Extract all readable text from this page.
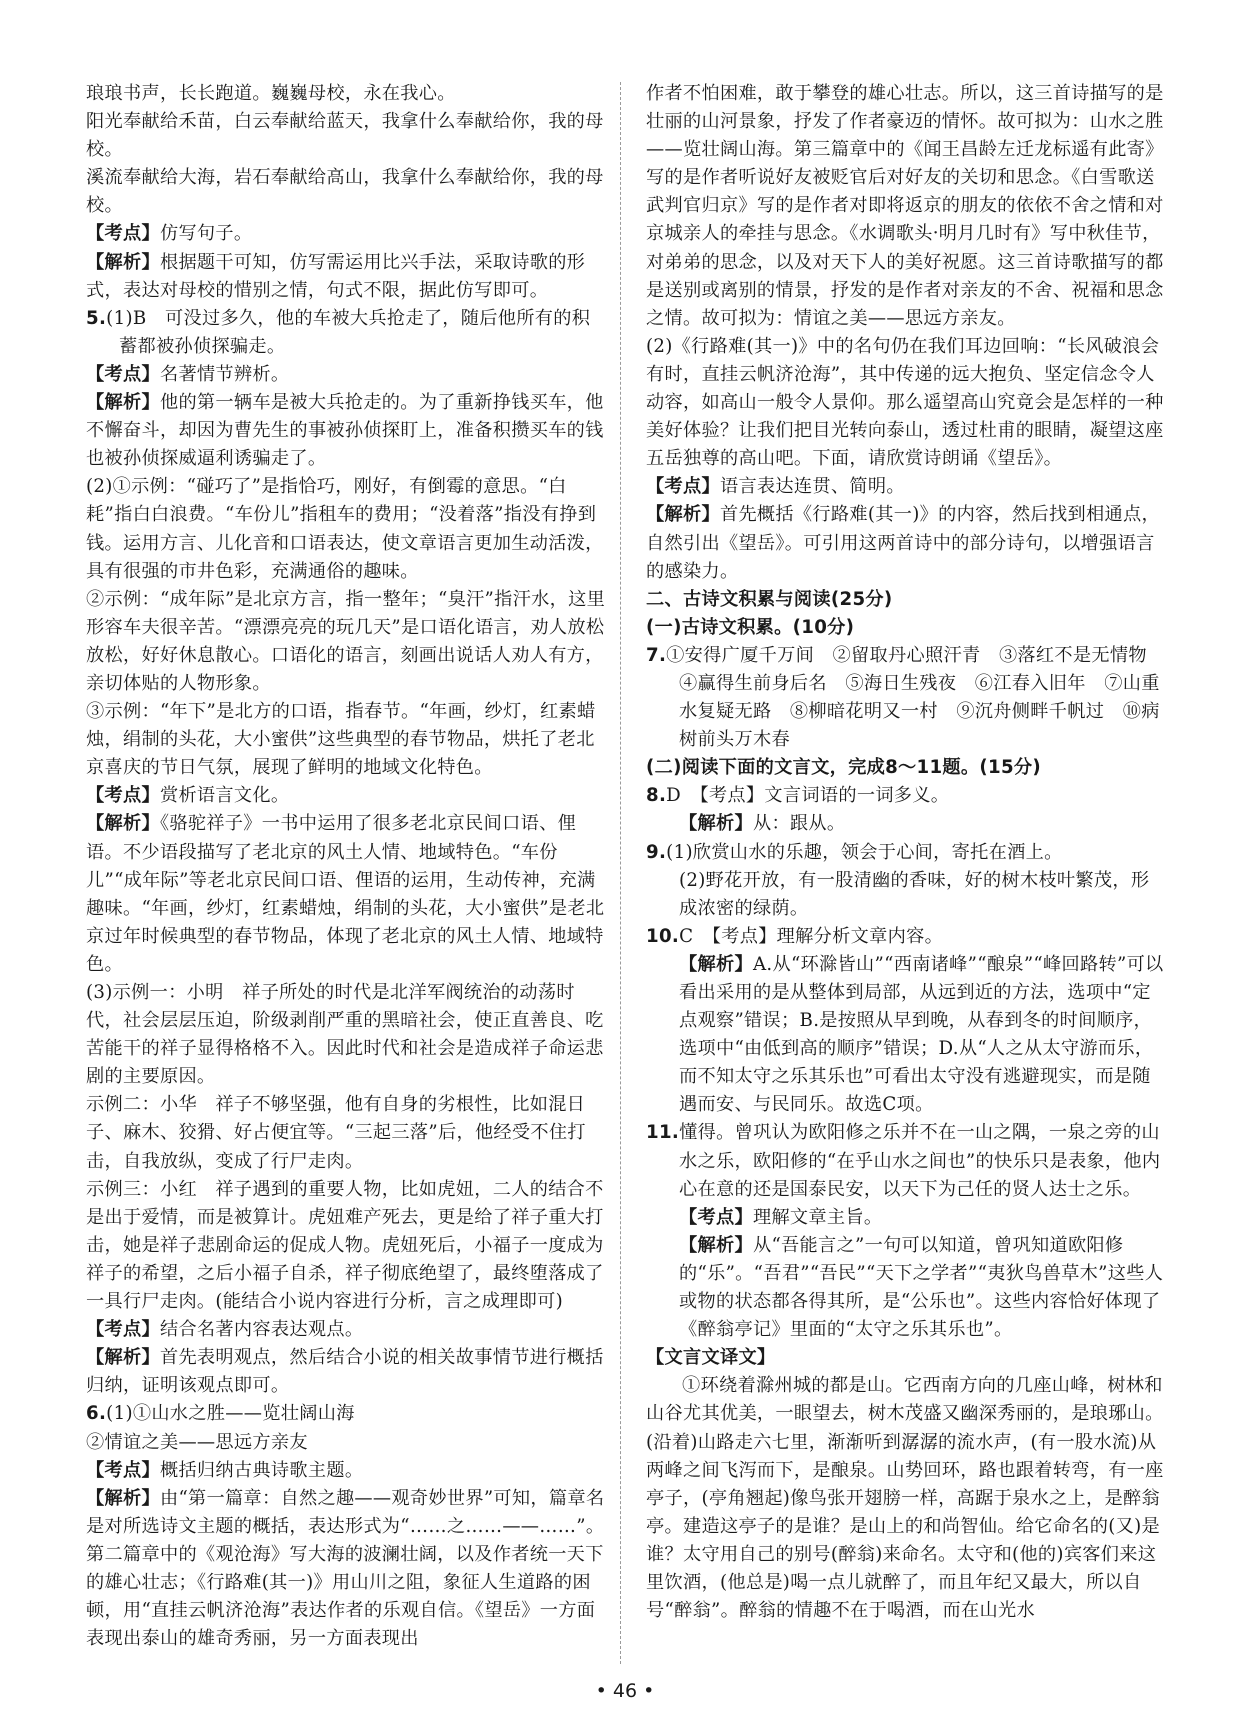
琅琅书声，长长跑道。巍巍母校，永在我心。

阳光奉献给禾苗，白云奉献给蓝天，我拿什么奉献给你，我的母校。

溪流奉献给大海，岩石奉献给高山，我拿什么奉献给你，我的母校。

【考点】仿写句子。

【解析】根据题干可知，仿写需运用比兴手法，采取诗歌的形式，表达对母校的惜别之情，句式不限，据此仿写即可。

5.(1)B　可没过多久，他的车被大兵抢走了，随后他所有的积蓄都被孙侦探骗走。

【考点】名著情节辨析。

【解析】他的第一辆车是被大兵抢走的。为了重新挣钱买车，他不懈奋斗，却因为曹先生的事被孙侦探盯上，准备积攒买车的钱也被孙侦探威逼利诱骗走了。

(2)①示例：“碰巧了”是指恰巧，刚好，有倒霉的意思。“白耗”指白白浪费。“车份儿”指租车的费用；“没着落”指没有挣到钱。运用方言、儿化音和口语表达，使文章语言更加生动活泼，具有很强的市井色彩，充满通俗的趣味。

②示例：“成年际”是北京方言，指一整年；“臭汗”指汗水，这里形容车夫很辛苦。“漂漂亮亮的玩几天”是口语化语言，劝人放松放松，好好休息散心。口语化的语言，刻画出说话人劝人有方，亲切体贴的人物形象。

③示例：“年下”是北方的口语，指春节。“年画，纱灯，红素蜡烛，绢制的头花，大小蜜供”这些典型的春节物品，烘托了老北京喜庆的节日气氛，展现了鲜明的地域文化特色。

【考点】赏析语言文化。

【解析】《骆驼祥子》一书中运用了很多老北京民间口语、俚语。不少语段描写了老北京的风土人情、地域特色。“车份儿”“成年际”等老北京民间口语、俚语的运用，生动传神，充满趣味。“年画，纱灯，红素蜡烛，绢制的头花，大小蜜供”是老北京过年时候典型的春节物品，体现了老北京的风土人情、地域特色。

(3)示例一：小明　祥子所处的时代是北洋军阀统治的动荡时代，社会层层压迫，阶级剥削严重的黑暗社会，使正直善良、吃苦能干的祥子显得格格不入。因此时代和社会是造成祥子命运悲剧的主要原因。

示例二：小华　祥子不够坚强，他有自身的劣根性，比如混日子、麻木、狡猾、好占便宜等。“三起三落”后，他经受不住打击，自我放纵，变成了行尸走肉。

示例三：小红　祥子遇到的重要人物，比如虎妞，二人的结合不是出于爱情，而是被算计。虎妞难产死去，更是给了祥子重大打击，她是祥子悲剧命运的促成人物。虎妞死后，小福子一度成为祥子的希望，之后小福子自杀，祥子彻底绝望了，最终堕落成了一具行尸走肉。(能结合小说内容进行分析，言之成理即可)

【考点】结合名著内容表达观点。

【解析】首先表明观点，然后结合小说的相关故事情节进行概括归纳，证明该观点即可。

6.(1)①山水之胜——览壮阔山海

②情谊之美——思远方亲友

【考点】概括归纳古典诗歌主题。

【解析】由“第一篇章：自然之趣——观奇妙世界”可知，篇章名是对所选诗文主题的概括，表达形式为“……之……——……”。第二篇章中的《观沧海》写大海的波澜壮阔，以及作者统一天下的雄心壮志；《行路难(其一)》用山川之阻，象征人生道路的困顿，用“直挂云帆济沧海”表达作者的乐观自信。《望岳》一方面表现出泰山的雄奇秀丽，另一方面表现出

作者不怕困难，敢于攀登的雄心壮志。所以，这三首诗描写的是壮丽的山河景象，抒发了作者豪迈的情怀。故可拟为：山水之胜——览壮阔山海。第三篇章中的《闻王昌龄左迁龙标遥有此寄》写的是作者听说好友被贬官后对好友的关切和思念。《白雪歌送武判官归京》写的是作者对即将返京的朋友的依依不舍之情和对京城亲人的牵挂与思念。《水调歌头·明月几时有》写中秋佳节，对弟弟的思念，以及对天下人的美好祝愿。这三首诗歌描写的都是送别或离别的情景，抒发的是作者对亲友的不舍、祝福和思念之情。故可拟为：情谊之美——思远方亲友。

(2)《行路难(其一)》中的名句仍在我们耳边回响：“长风破浪会有时，直挂云帆济沧海”，其中传递的远大抱负、坚定信念令人动容，如高山一般令人景仰。那么遥望高山究竟会是怎样的一种美好体验？让我们把目光转向泰山，透过杜甫的眼睛，凝望这座五岳独尊的高山吧。下面，请欣赏诗朗诵《望岳》。

【考点】语言表达连贯、简明。

【解析】首先概括《行路难(其一)》的内容，然后找到相通点，自然引出《望岳》。可引用这两首诗中的部分诗句，以增强语言的感染力。

二、古诗文积累与阅读(25分)

(一)古诗文积累。(10分)

7.①安得广厦千万间　②留取丹心照汗青　③落红不是无情物　④赢得生前身后名　⑤海日生残夜　⑥江春入旧年　⑦山重水复疑无路　⑧柳暗花明又一村　⑨沉舟侧畔千帆过　⑩病树前头万木春

(二)阅读下面的文言文，完成8～11题。(15分)

8.D　【考点】文言词语的一词多义。

【解析】从：跟从。

9.(1)欣赏山水的乐趣，领会于心间，寄托在酒上。

(2)野花开放，有一股清幽的香味，好的树木枝叶繁茂，形成浓密的绿荫。

10.C　【考点】理解分析文章内容。

【解析】A.从“环滁皆山”“西南诸峰”“酿泉”“峰回路转”可以看出采用的是从整体到局部，从远到近的方法，选项中“定点观察”错误；B.是按照从早到晚，从春到冬的时间顺序，选项中“由低到高的顺序”错误；D.从“人之从太守游而乐，而不知太守之乐其乐也”可看出太守没有逃避现实，而是随遇而安、与民同乐。故选C项。

11.懂得。曾巩认为欧阳修之乐并不在一山之隅，一泉之旁的山水之乐，欧阳修的“在乎山水之间也”的快乐只是表象，他内心在意的还是国泰民安，以天下为己任的贤人达士之乐。

【考点】理解文章主旨。

【解析】从“吾能言之”一句可以知道，曾巩知道欧阳修的“乐”。“吾君”“吾民”“天下之学者”“夷狄鸟兽草木”这些人或物的状态都各得其所，是“公乐也”。这些内容恰好体现了《醉翁亭记》里面的“太守之乐其乐也”。

【文言文译文】

①环绕着滁州城的都是山。它西南方向的几座山峰，树林和山谷尤其优美，一眼望去，树木茂盛又幽深秀丽的，是琅琊山。(沿着)山路走六七里，渐渐听到潺潺的流水声，(有一股水流)从两峰之间飞泻而下，是酿泉。山势回环，路也跟着转弯，有一座亭子，(亭角翘起)像鸟张开翅膀一样，高踞于泉水之上，是醉翁亭。建造这亭子的是谁？是山上的和尚智仙。给它命名的(又)是谁？太守用自己的别号(醉翁)来命名。太守和(他的)宾客们来这里饮酒，(他总是)喝一点儿就醉了，而且年纪又最大，所以自号“醉翁”。醉翁的情趣不在于喝酒，而在山光水

• 46 •
